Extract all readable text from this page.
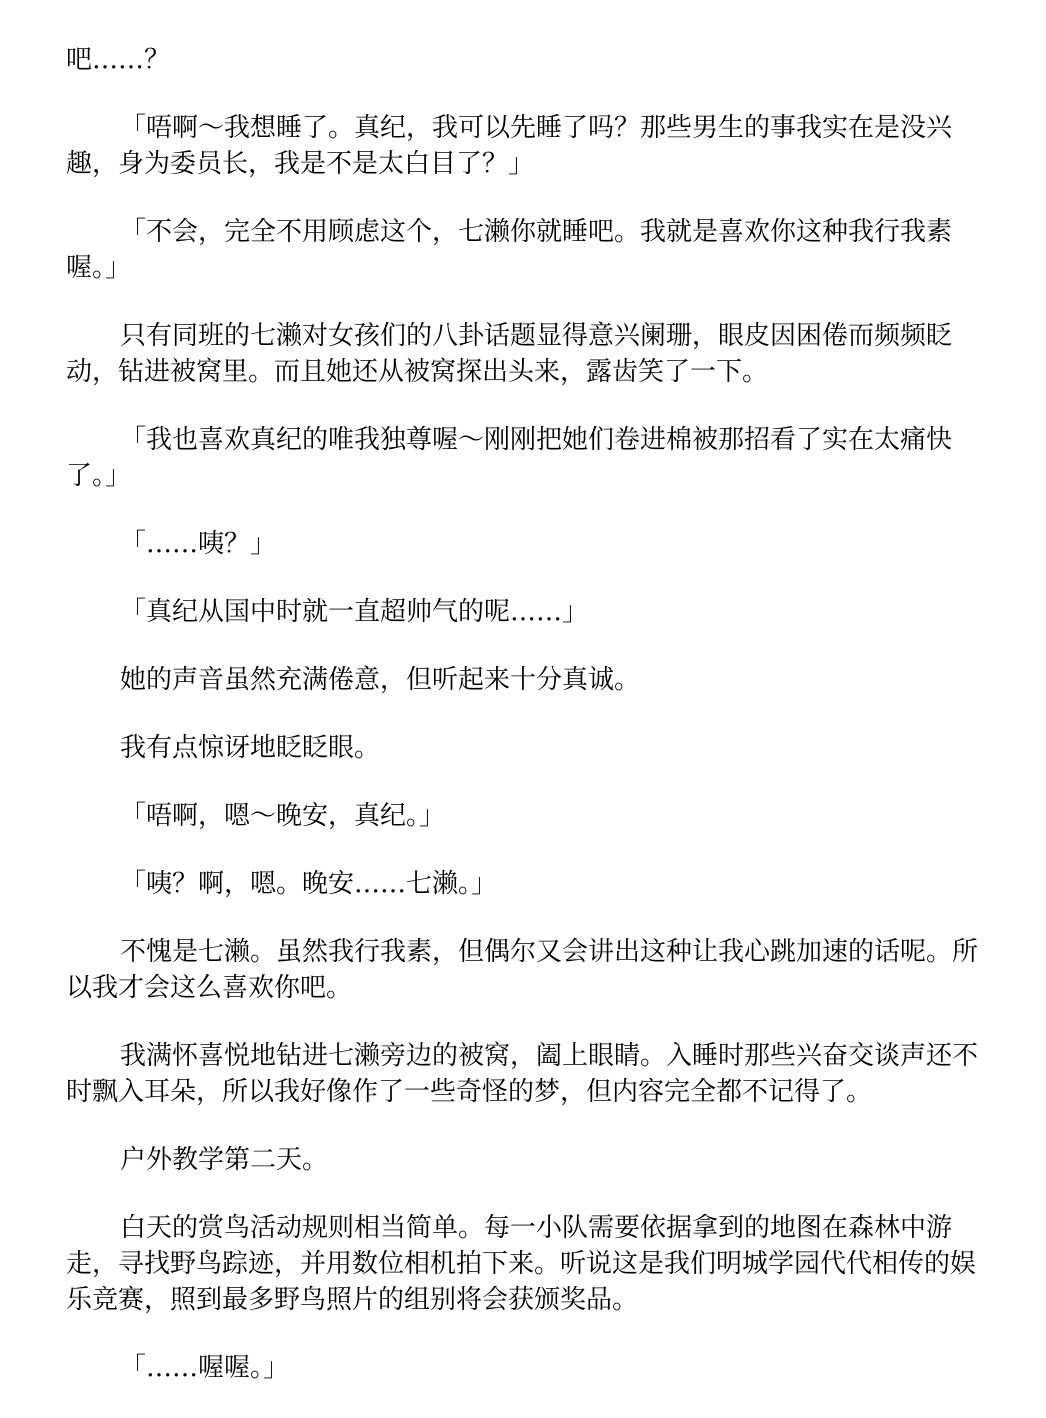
吧……？

「唔啊～我想睡了。真纪，我可以先睡了吗？那些男生的事我实在是没兴趣，身为委员长，我是不是太白目了？」

「不会，完全不用顾虑这个，七濑你就睡吧。我就是喜欢你这种我行我素喔。」

只有同班的七濑对女孩们的八卦话题显得意兴阑珊，眼皮因困倦而频频眨动，钻进被窝里。而且她还从被窝探出头来，露齿笑了一下。

「我也喜欢真纪的唯我独尊喔～刚刚把她们卷进棉被那招看了实在太痛快了。」

「……咦？」

「真纪从国中时就一直超帅气的呢……」

她的声音虽然充满倦意，但听起来十分真诚。

我有点惊讶地眨眨眼。

「唔啊，嗯～晚安，真纪。」

「咦？啊，嗯。晚安……七濑。」

不愧是七濑。虽然我行我素，但偶尔又会讲出这种让我心跳加速的话呢。所以我才会这么喜欢你吧。

我满怀喜悦地钻进七濑旁边的被窝，阖上眼睛。入睡时那些兴奋交谈声还不时飘入耳朵，所以我好像作了一些奇怪的梦，但内容完全都不记得了。

户外教学第二天。

白天的赏鸟活动规则相当简单。每一小队需要依据拿到的地图在森林中游走，寻找野鸟踪迹，并用数位相机拍下来。听说这是我们明城学园代代相传的娱乐竞赛，照到最多野鸟照片的组别将会获颁奖品。

「……喔喔。」
